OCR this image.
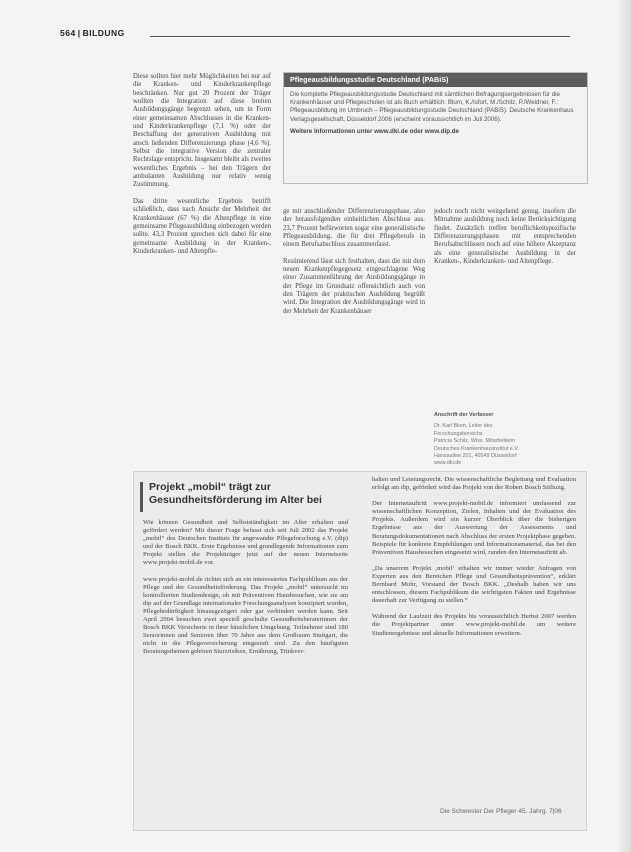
564 | BILDUNG

Diese sollten hier mehr Möglichkeiten bei nur auf die Kranken- und Kinderkrankenpflege beschränken. Nur gut 20 Prozent der Träger wollten die Integration auf diese breiten Ausbildungsgänge begrenzt sehen, um in Form einer gemeinsamen Abschlusses in die Kranken- und Kinderkrankenpflege (7,1 %) oder der Beschaffung der generativen Ausbildung mit ansch ließenden Differenzierungs phase (4,6 %). Selbst die integrative Version die zentraler Rechtslage entspricht. Insgesamt bleibt als zweites wesentliches Ergebnis – bei den Trägern der ambulanten Ausbildung nur relativ wenig Zustimmung.

Das dritte wesentliche Ergebnis betrifft schließlich, dass nach Ansicht der Mehrheit der Krankenhäuser (67 %) die Altenpflege in eine gemeinsame Pflegeausbildung einbezogen werden sollte. 43,3 Prozent sprechen sich dabei für eine gemeinsame Ausbildung in der Kranken-, Kinderkranken- und Altenpfle-

Pflegeausbildungsstudie Deutschland (PABiS)
Die komplette Pflegeausbildungsstudie Deutschland mit sämtlichen Befragungsergebnissen für die Krankenhäuser und Pflegeschulen ist als Buch erhältlich: Blum, K./Isfort, M./Schilz, P./Weidner, F.: Pflegeausbildung im Umbruch – Pflegeausbildungsstudie Deutschland (PABiS). Deutsche Krankenhaus Verlagsgesellschaft, Düsseldorf 2006 (erscheint voraussichtlich im Juli 2006).
Weitere Informationen unter www.dki.de oder www.dip.de

ge mit anschließender Differenzierungsphase, also der herausfolgenden einheitlichen Abschluss aus. 23,7 Prozent befürworten sogar eine generalistische Pflegeausbildung, die für drei Pflegeberufe in einem Berufsabschluss zusammenfasst.

Resümierend lässt sich festhalten, dass die mit dem neuen Krankenpflegegesetz eingeschlagene Weg einer Zusammenführung der Ausbildungsgänge in der Pflege im Grundsatz offensichtlich auch von den Trägern der praktischen Ausbildung begrüßt wird. Die Integration der Ausbildungsgänge wird in der Mehrheit der Krankenhäuser

jedoch noch nicht weitgehend genug, insofern die Mitnahme ausbildung noch keine Berücksichtigung findet. Zusätzlich treffen beruflichkeitspezifische Differenzierungsphasen mit entsprechenden Berufsabschlüssen noch auf eine höhere Akzeptanz als eine generalistische Ausbildung in der Kranken-, Kinderkranken- und Altenpflege.

Anschrift der Verfasser
Dr. Karl Blum, Leiter des
Forschungsbereichs
Patricia Schilz, Wiss. Mitarbeiterin
Deutsches Krankenhausinstitut e.V.
Hansaallee 201, 40549 Düsseldorf
www.dki.de
Projekt „mobil“ trägt zur Gesundheitsförderung im Alter bei

Wie können Gesundheit und Selbstständigkeit im Alter erhalten und gefördert werden? Mit dieser Frage befasst sich seit Juli 2002 das Projekt „mobil“ des Deutschen Instituts für angewandte Pflegeforschung e.V. (dip) und der Bosch BKK. Erste Ergebnisse und grundlegende Informationen zum Projekt stellen die Projektträger jetzt auf der neuen Internetseite www.projekt-mobil.de vor.

www.projekt-mobil.de richtet sich an ein interessiertes Fachpublikum aus der Pflege und der Gesundheitsförderung. Das Projekt „mobil“ untersucht im kontrollierten Studiendesign, ob mit Präventiven Hausbesuchen, wie sie am dip auf der Grundlage internationaler Forschungsanalysen konzipiert wurden, Pflegebedürftigkeit hinausgezögert oder gar verhindert werden kann. Seit April 2004 besuchen zwei speziell geschulte Gesundheitsberaterinnen der Bosch BKK Versicherte in ihrer häuslichen Umgebung. Teilnehmer sind 180 Seniorinnen und Senioren über 70 Jahre aus dem Großraum Stuttgart, die nicht in die Pflegeversicherung eingestuft sind. Zu den häufigsten Beratungsthemen gehören Sturzrisiken, Ernährung, Trinkver-

halten und Leistungsrecht. Die wissenschaftliche Begleitung und Evaluation erfolgt am dip, gefördert wird das Projekt von der Robert Bosch Stiftung.

Der Internetauftritt www.projekt-mobil.de informiert umfassend zur wissenschaftlichen Konzeption, Zielen, Inhalten und der Evaluation des Projekts. Außerdem wird ein kurzer Überblick über die bisherigen Ergebnisse aus der Auswertung der Assessments und Beratungsdokumentationen nach Abschluss der ersten Projektphase gegeben. Beispiele für konkrete Empfehlungen und Informationsmaterial, das bei den Präventiven Hausbesuchen eingesetzt wird, runden den Internetauftritt ab.

„Da unserem Projekt ‚mobil‘ erhalten wir immer wieder Anfragen von Experten aus den Bereichen Pflege und Gesundheitsprävention“, erklärt Bernhard Mohr, Vorstand der Bosch BKK. „Deshalb haben wir uns entschlossen, diesem Fachpublikum die wichtigsten Fakten und Ergebnisse dauerhaft zur Verfügung zu stellen.“

Während der Laufzeit des Projekts bis voraussichtlich Herbst 2007 werden die Projektpartner unter www.projekt-mobil.de um weitere Studienergebnisse und aktuelle Informationen erweitern.

Die Schwester Der Pfleger 45. Jahrg. 7|06
